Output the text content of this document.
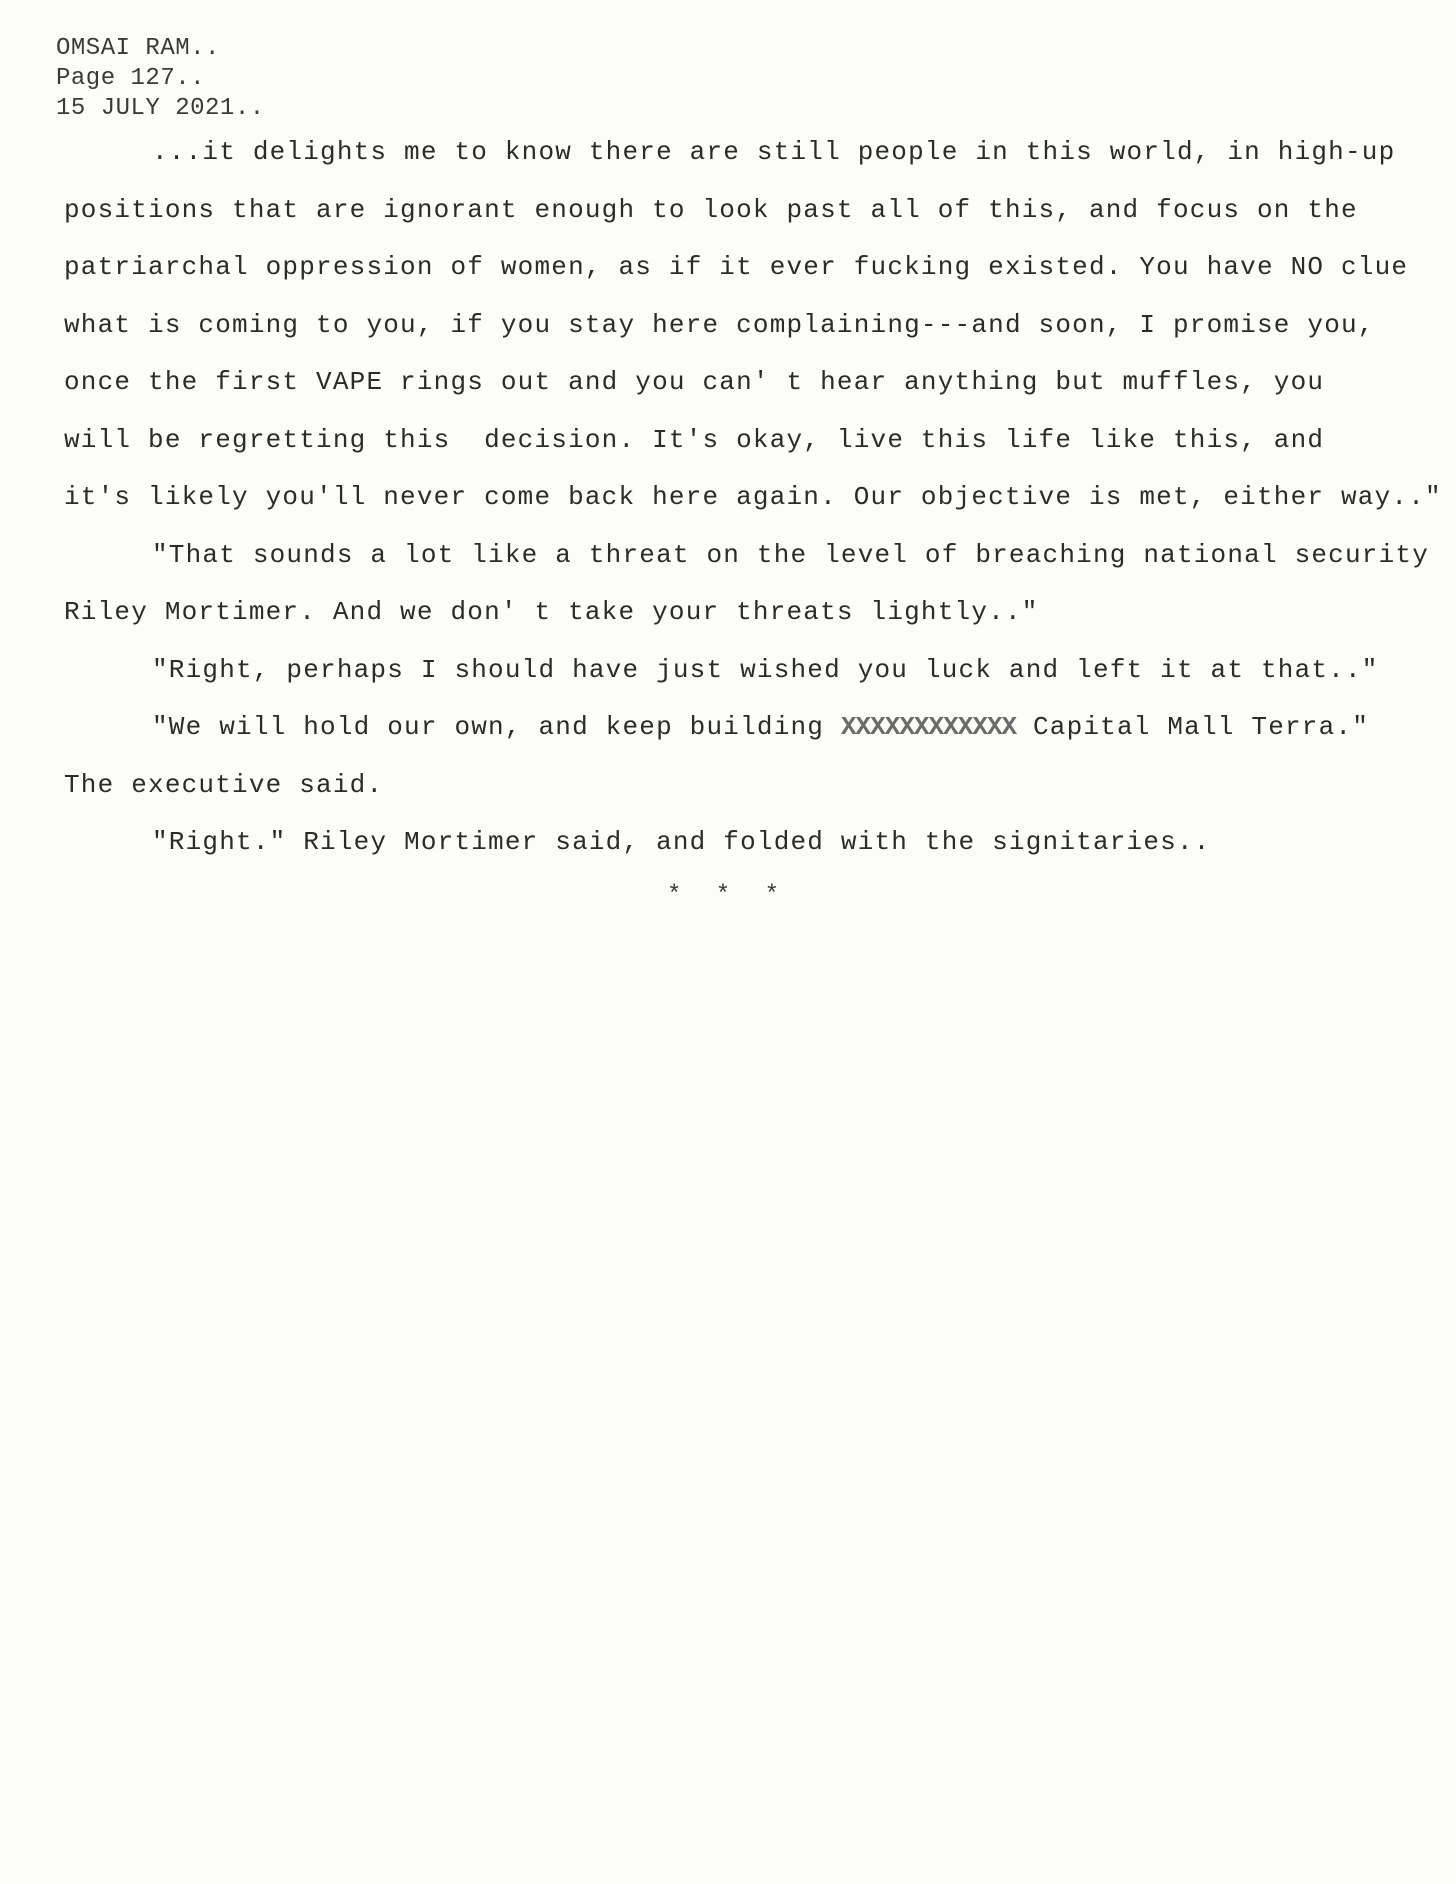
OMSAI RAM..
Page 127..
15 JULY 2021..
...it delights me to know there are still people in this world, in high-up
positions that are ignorant enough to look past all of this, and focus on the
patriarchal oppression of women, as if it ever fucking existed. You have NO clue
what is coming to you, if you stay here complaining---and soon, I promise you,
once the first VAPE rings out and you can' t hear anything but muffles, you
will be regretting this  decision. It's okay, live this life like this, and
it's likely you'll never come back here again. Our objective is met, either way.."
"That sounds a lot like a threat on the level of breaching national security
Riley Mortimer. And we don' t take your threats lightly.."
"Right, perhaps I should have just wished you luck and left it at that.."
"We will hold our own, and keep building XXXXXXXXXXXX Capital Mall Terra."
The executive said.
"Right." Riley Mortimer said, and folded with the signitaries..
* * *
